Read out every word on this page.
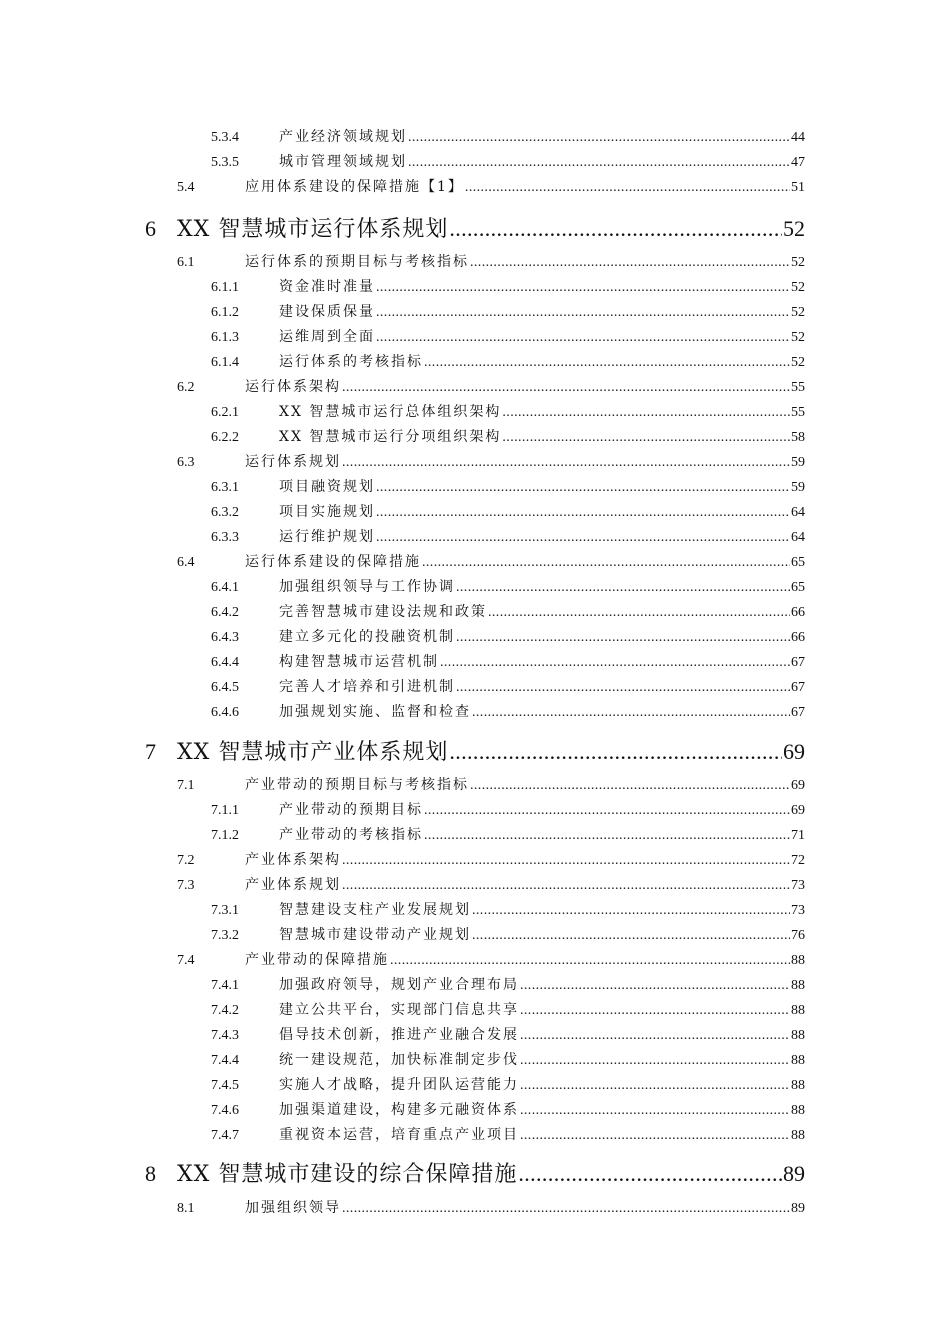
5.3.4	产业经济领域规划 .....	44
5.3.5	城市管理领域规划 .....	47
5.4	应用体系建设的保障措施【1】 .....	51
6 XX 智慧城市运行体系规划 .....	52
6.1	运行体系的预期目标与考核指标 .....	52
6.1.1	资金准时准量 .....	52
6.1.2	建设保质保量 .....	52
6.1.3	运维周到全面 .....	52
6.1.4	运行体系的考核指标 .....	52
6.2	运行体系架构 .....	55
6.2.1	XX 智慧城市运行总体组织架构 .....	55
6.2.2	XX 智慧城市运行分项组织架构 .....	58
6.3	运行体系规划 .....	59
6.3.1	项目融资规划 .....	59
6.3.2	项目实施规划 .....	64
6.3.3	运行维护规划 .....	64
6.4	运行体系建设的保障措施 .....	65
6.4.1	加强组织领导与工作协调 .....	65
6.4.2	完善智慧城市建设法规和政策 .....	66
6.4.3	建立多元化的投融资机制 .....	66
6.4.4	构建智慧城市运营机制 .....	67
6.4.5	完善人才培养和引进机制 .....	67
6.4.6	加强规划实施、监督和检查 .....	67
7 XX 智慧城市产业体系规划 .....	69
7.1	产业带动的预期目标与考核指标 .....	69
7.1.1	产业带动的预期目标 .....	69
7.1.2	产业带动的考核指标 .....	71
7.2	产业体系架构 .....	72
7.3	产业体系规划 .....	73
7.3.1	智慧建设支柱产业发展规划 .....	73
7.3.2	智慧城市建设带动产业规划 .....	76
7.4	产业带动的保障措施 .....	88
7.4.1	加强政府领导，规划产业合理布局 .....	88
7.4.2	建立公共平台，实现部门信息共享 .....	88
7.4.3	倡导技术创新，推进产业融合发展 .....	88
7.4.4	统一建设规范，加快标准制定步伐 .....	88
7.4.5	实施人才战略，提升团队运营能力 .....	88
7.4.6	加强渠道建设，构建多元融资体系 .....	88
7.4.7	重视资本运营，培育重点产业项目 .....	88
8 XX 智慧城市建设的综合保障措施 .....	89
8.1	加强组织领导 .....	89
